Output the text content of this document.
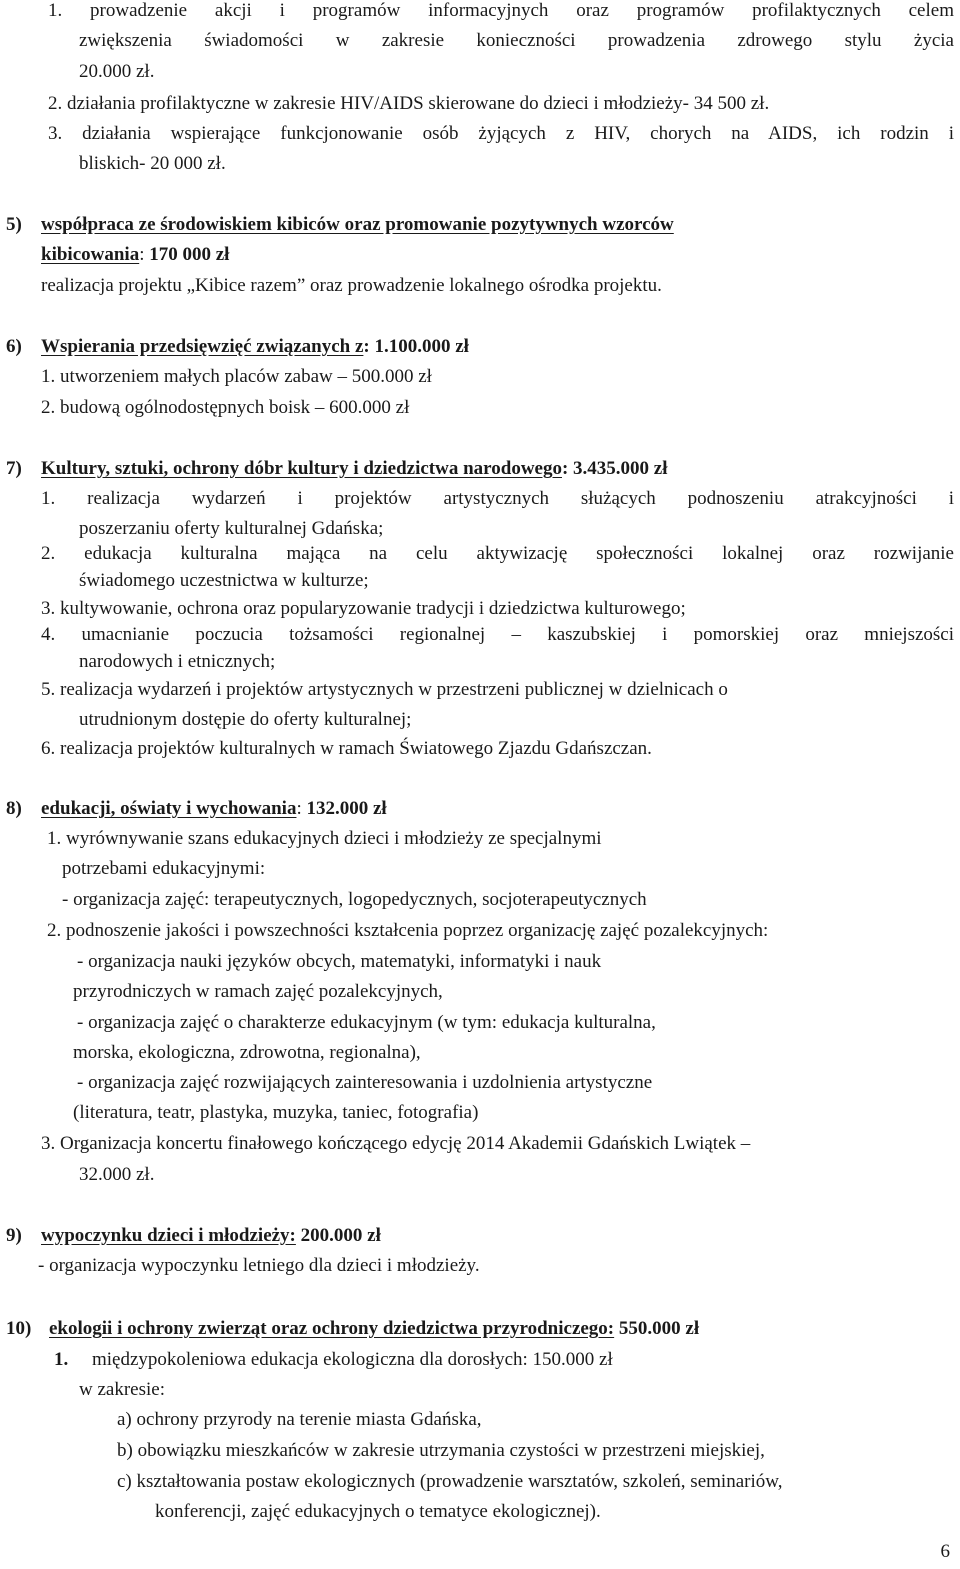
1. prowadzenie akcji i programów informacyjnych oraz programów profilaktycznych celem
zwiększenia świadomości w zakresie konieczności prowadzenia zdrowego stylu życia
20.000 zł.
2. działania profilaktyczne w zakresie HIV/AIDS skierowane do dzieci i młodzieży- 34 500 zł.
3. działania wspierające funkcjonowanie osób żyjących z HIV, chorych na AIDS, ich rodzin i
bliskich- 20 000 zł.
5) współpraca ze środowiskiem kibiców oraz promowanie pozytywnych wzorców
kibicowania: 170 000 zł
realizacja projektu „Kibice razem” oraz prowadzenie lokalnego ośrodka projektu.
6) Wspierania przedsięwzięć związanych z: 1.100.000 zł
1. utworzeniem małych placów zabaw – 500.000 zł
2. budową ogólnodostępnych boisk – 600.000 zł
7) Kultury, sztuki, ochrony dóbr kultury i dziedzictwa narodowego: 3.435.000 zł
1. realizacja wydarzeń i projektów artystycznych służących podnoszeniu atrakcyjności i
poszerzaniu oferty kulturalnej Gdańska;
2. edukacja kulturalna mająca na celu aktywizację społeczności lokalnej oraz rozwijanie
świadomego uczestnictwa w kulturze;
3. kultywowanie, ochrona oraz popularyzowanie tradycji i dziedzictwa kulturowego;
4. umacnianie poczucia tożsamości regionalnej – kaszubskiej i pomorskiej oraz mniejszości
narodowych i etnicznych;
5. realizacja wydarzeń i projektów artystycznych w przestrzeni publicznej w dzielnicach o
utrudnionym dostępie do oferty kulturalnej;
6. realizacja projektów kulturalnych w ramach Światowego Zjazdu Gdańszczan.
8) edukacji, oświaty i wychowania: 132.000 zł
1. wyrównywanie szans edukacyjnych dzieci i młodzieży ze specjalnymi
potrzebami edukacyjnymi:
- organizacja zajęć: terapeutycznych, logopedycznych, socjoterapeutycznych
2. podnoszenie jakości i powszechności kształcenia poprzez organizację zajęć pozalekcyjnych:
- organizacja nauki języków obcych, matematyki, informatyki i nauk
przyrodniczych w ramach zajęć pozalekcyjnych,
- organizacja zajęć o charakterze edukacyjnym (w tym: edukacja kulturalna,
morska, ekologiczna, zdrowotna, regionalna),
- organizacja zajęć rozwijających zainteresowania i uzdolnienia artystyczne
(literatura, teatr, plastyka, muzyka, taniec, fotografia)
3. Organizacja koncertu finałowego kończącego edycję 2014 Akademii Gdańskich Lwiątek –
32.000 zł.
9) wypoczynku dzieci i młodzieży: 200.000 zł
- organizacja wypoczynku letniego dla dzieci i młodzieży.
10) ekologii i ochrony zwierząt oraz ochrony dziedzictwa przyrodniczego: 550.000 zł
1. międzypokoleniowa edukacja ekologiczna dla dorosłych: 150.000 zł
w zakresie:
a) ochrony przyrody na terenie miasta Gdańska,
b) obowiązku mieszkańców w zakresie utrzymania czystości w przestrzeni miejskiej,
c) kształtowania postaw ekologicznych (prowadzenie warsztatów, szkoleń, seminariów,
konferencji, zajęć edukacyjnych o tematyce ekologicznej).
6
